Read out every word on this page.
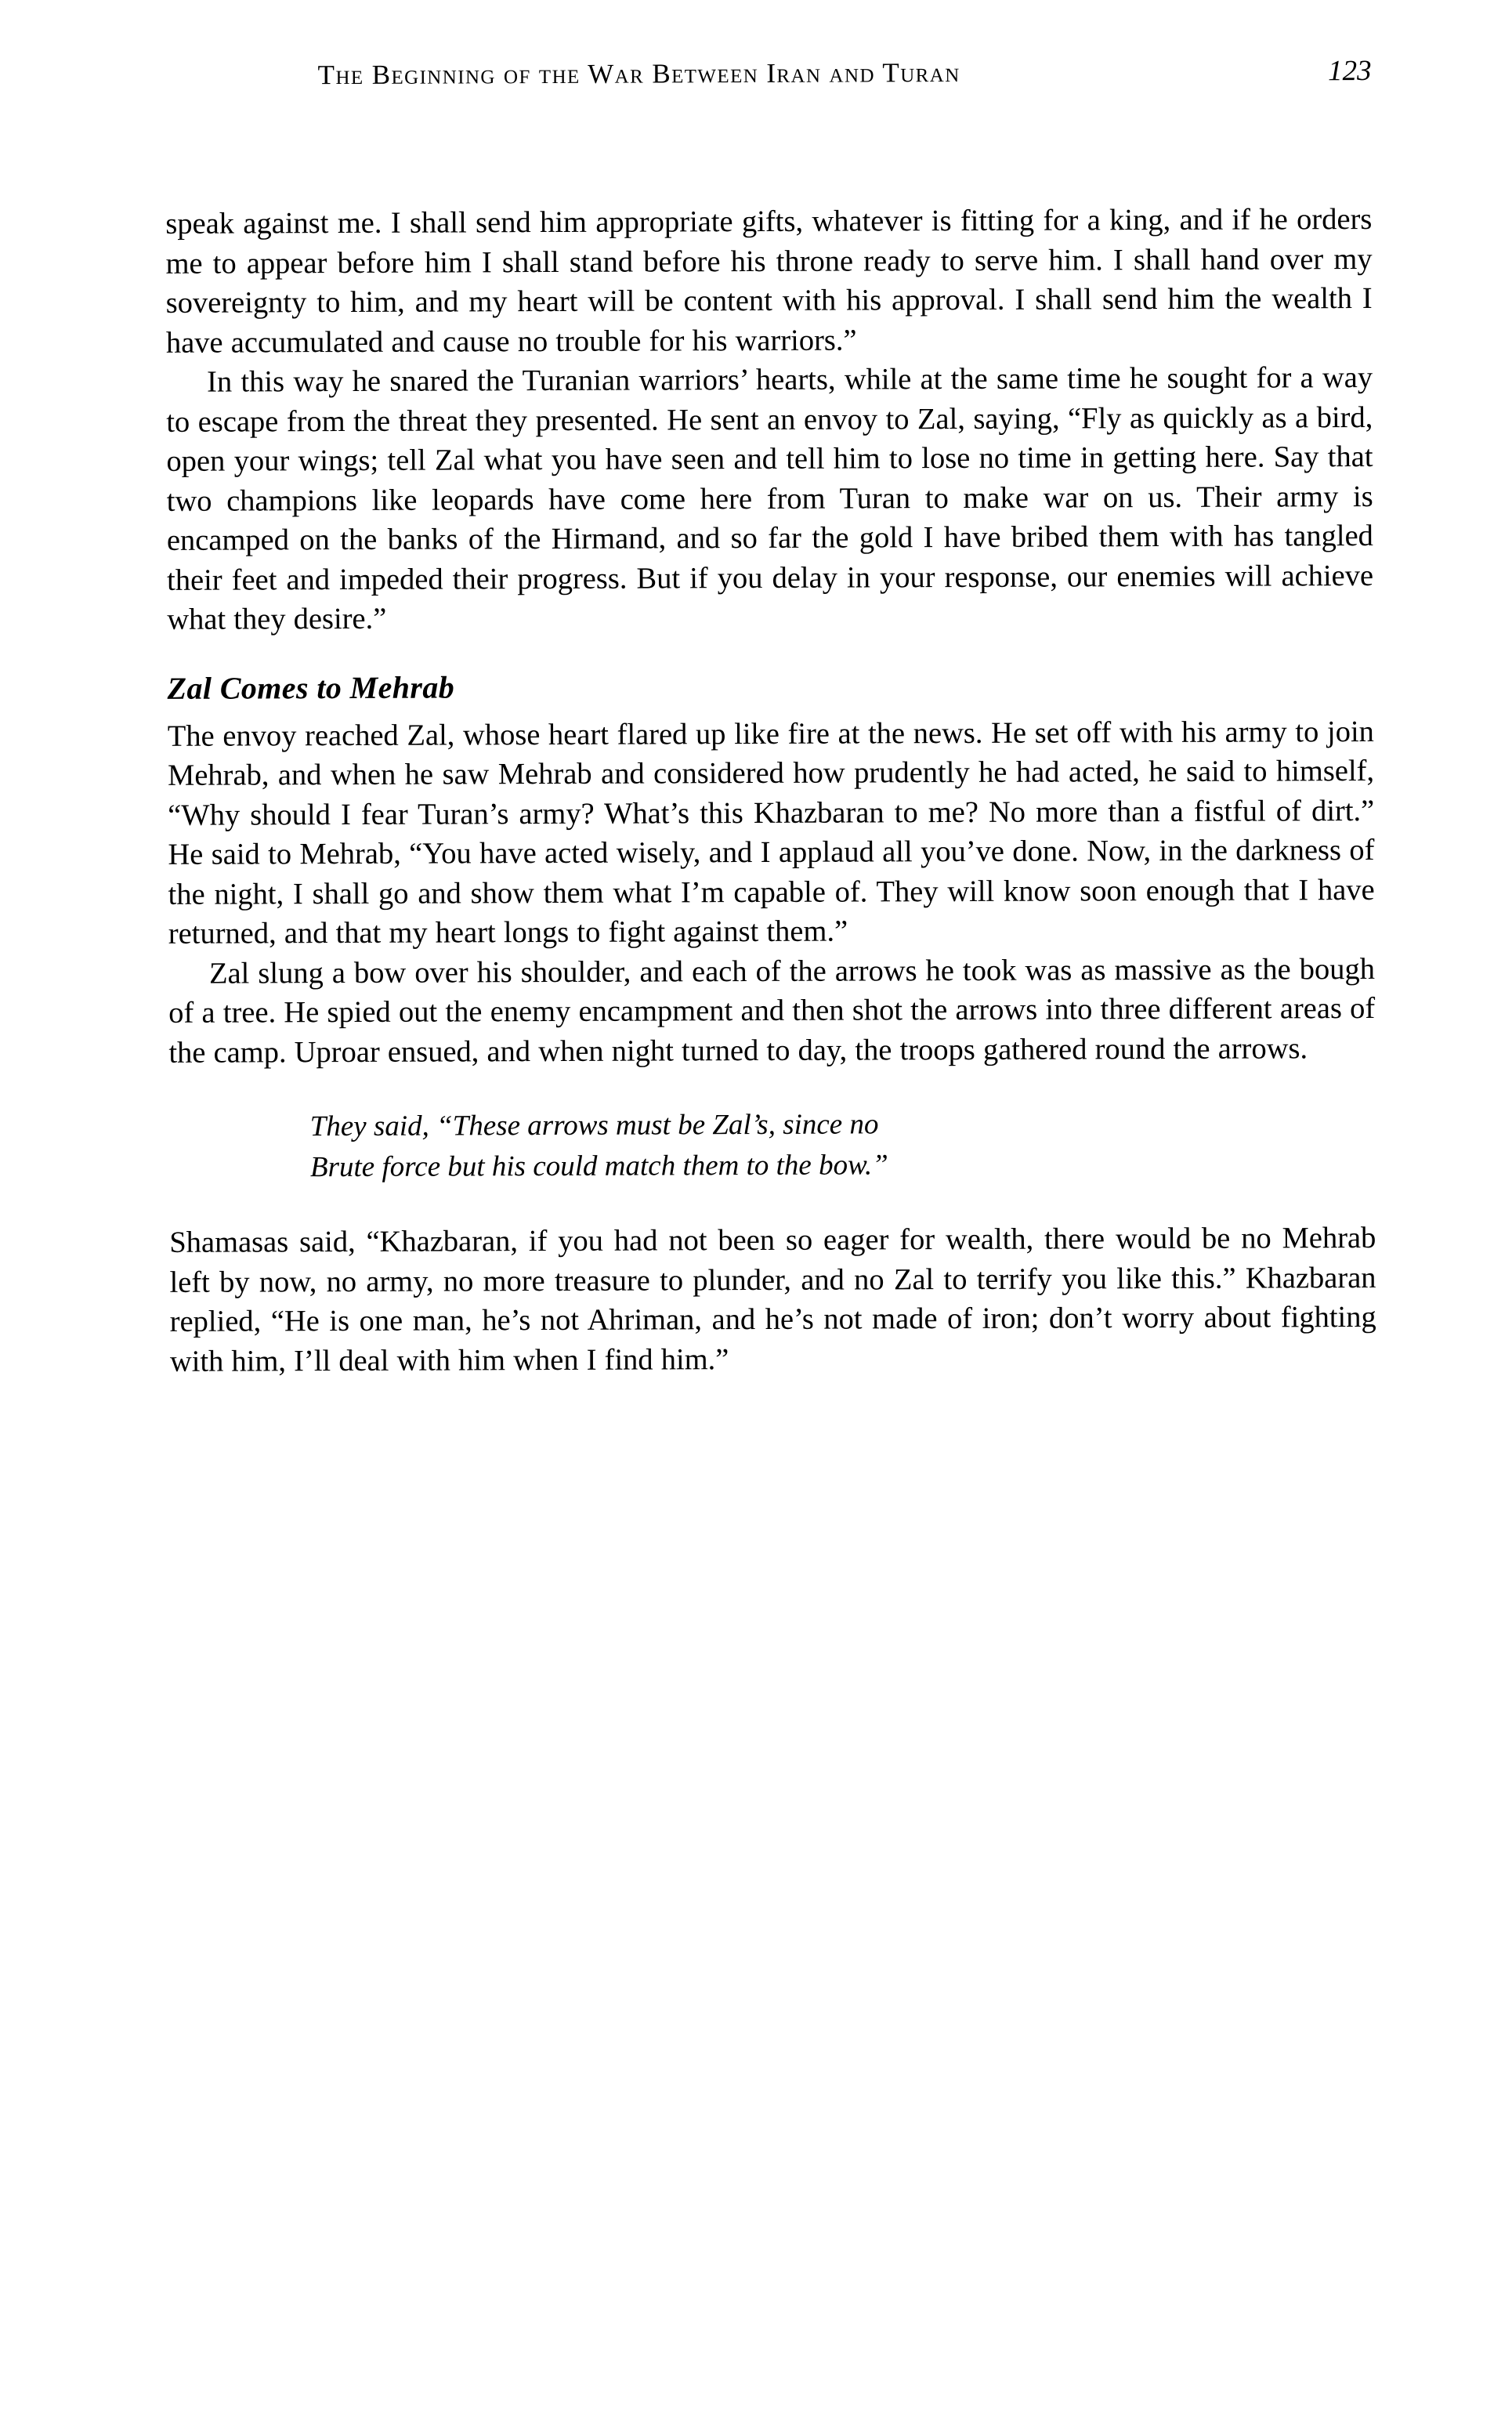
The Beginning of the War Between Iran and Turan	123

speak against me. I shall send him appropriate gifts, whatever is fitting for a king, and if he orders me to appear before him I shall stand before his throne ready to serve him. I shall hand over my sovereignty to him, and my heart will be content with his approval. I shall send him the wealth I have accumulated and cause no trouble for his warriors.”

In this way he snared the Turanian warriors’ hearts, while at the same time he sought for a way to escape from the threat they presented. He sent an envoy to Zal, saying, “Fly as quickly as a bird, open your wings; tell Zal what you have seen and tell him to lose no time in getting here. Say that two champions like leopards have come here from Turan to make war on us. Their army is encamped on the banks of the Hirmand, and so far the gold I have bribed them with has tangled their feet and impeded their progress. But if you delay in your response, our enemies will achieve what they desire.”

Zal Comes to Mehrab

The envoy reached Zal, whose heart flared up like fire at the news. He set off with his army to join Mehrab, and when he saw Mehrab and considered how prudently he had acted, he said to himself, “Why should I fear Turan’s army? What’s this Khazbaran to me? No more than a fistful of dirt.” He said to Mehrab, “You have acted wisely, and I applaud all you’ve done. Now, in the darkness of the night, I shall go and show them what I’m capable of. They will know soon enough that I have returned, and that my heart longs to fight against them.”

Zal slung a bow over his shoulder, and each of the arrows he took was as massive as the bough of a tree. He spied out the enemy encampment and then shot the arrows into three different areas of the camp. Uproar ensued, and when night turned to day, the troops gathered round the arrows.

They said, “These arrows must be Zal’s, since no
Brute force but his could match them to the bow.”

Shamasas said, “Khazbaran, if you had not been so eager for wealth, there would be no Mehrab left by now, no army, no more treasure to plunder, and no Zal to terrify you like this.” Khazbaran replied, “He is one man, he’s not Ahriman, and he’s not made of iron; don’t worry about fighting with him, I’ll deal with him when I find him.”
